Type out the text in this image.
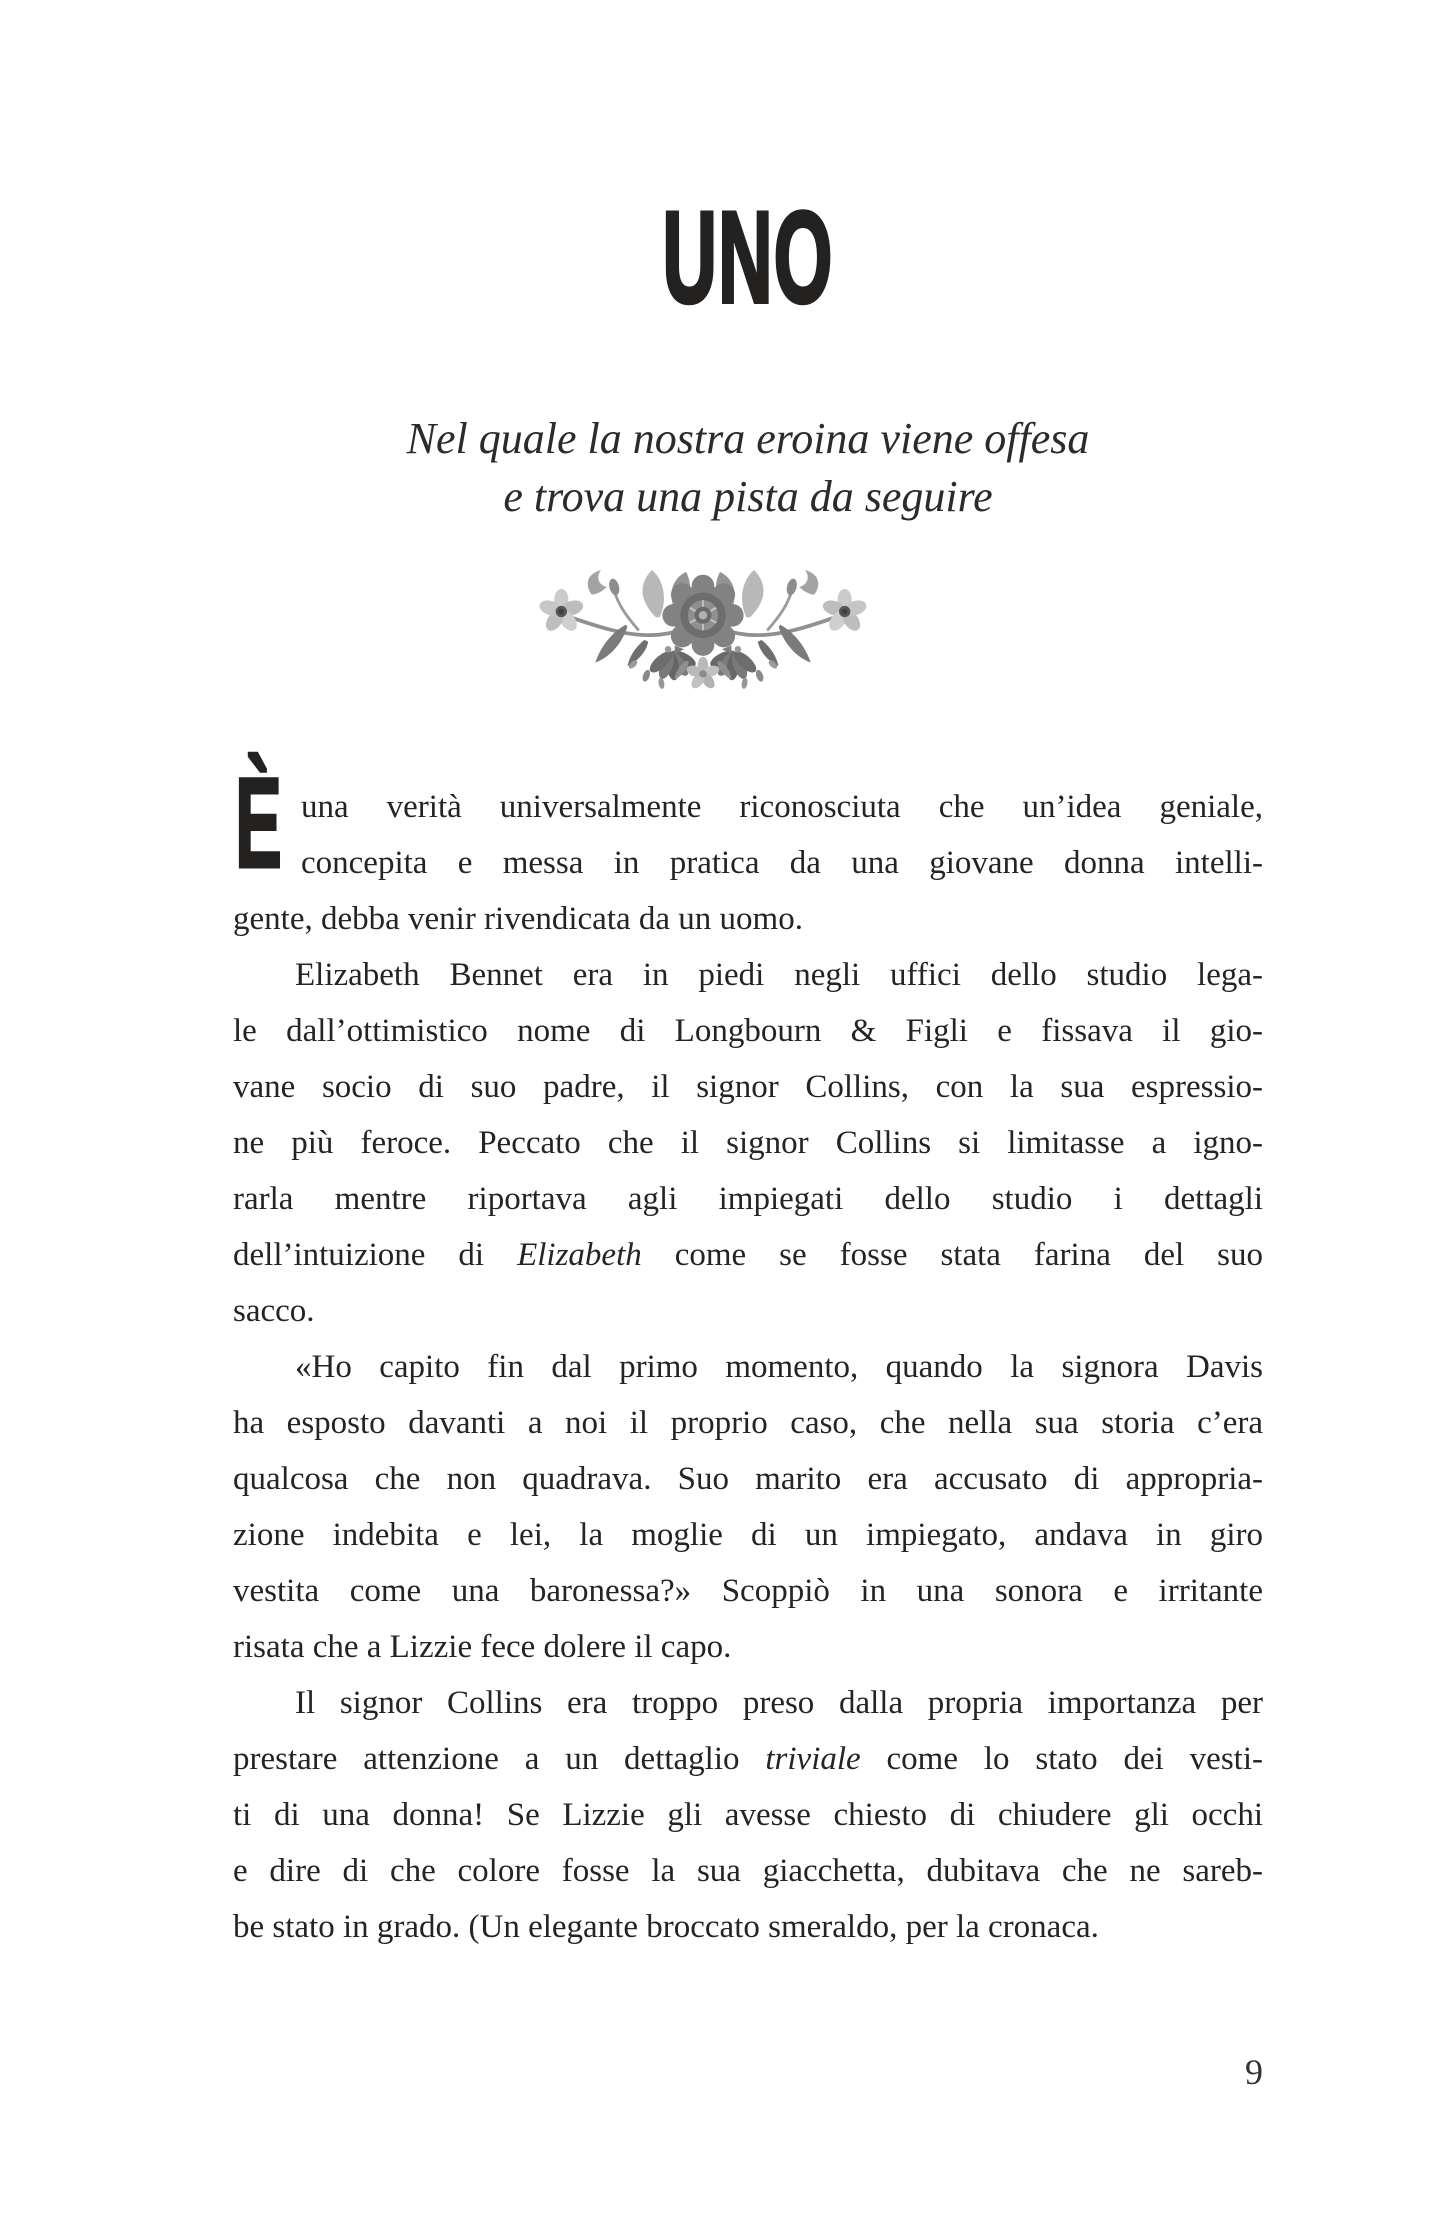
UNO
Nel quale la nostra eroina viene offesa
e trova una pista da seguire
È una verità universalmente riconosciuta che un’idea geniale,
concepita e messa in pratica da una giovane donna intelli-
gente, debba venir rivendicata da un uomo.
Elizabeth Bennet era in piedi negli uffici dello studio lega-
le dall’ottimistico nome di Longbourn & Figli e fissava il gio-
vane socio di suo padre, il signor Collins, con la sua espressio-
ne più feroce. Peccato che il signor Collins si limitasse a igno-
rarla mentre riportava agli impiegati dello studio i dettagli
dell’intuizione di Elizabeth come se fosse stata farina del suo
sacco.
«Ho capito fin dal primo momento, quando la signora Davis
ha esposto davanti a noi il proprio caso, che nella sua storia c’era
qualcosa che non quadrava. Suo marito era accusato di appropria-
zione indebita e lei, la moglie di un impiegato, andava in giro
vestita come una baronessa?» Scoppiò in una sonora e irritante
risata che a Lizzie fece dolere il capo.
Il signor Collins era troppo preso dalla propria importanza per
prestare attenzione a un dettaglio triviale come lo stato dei vesti-
ti di una donna! Se Lizzie gli avesse chiesto di chiudere gli occhi
e dire di che colore fosse la sua giacchetta, dubitava che ne sareb-
be stato in grado. (Un elegante broccato smeraldo, per la cronaca.
9
